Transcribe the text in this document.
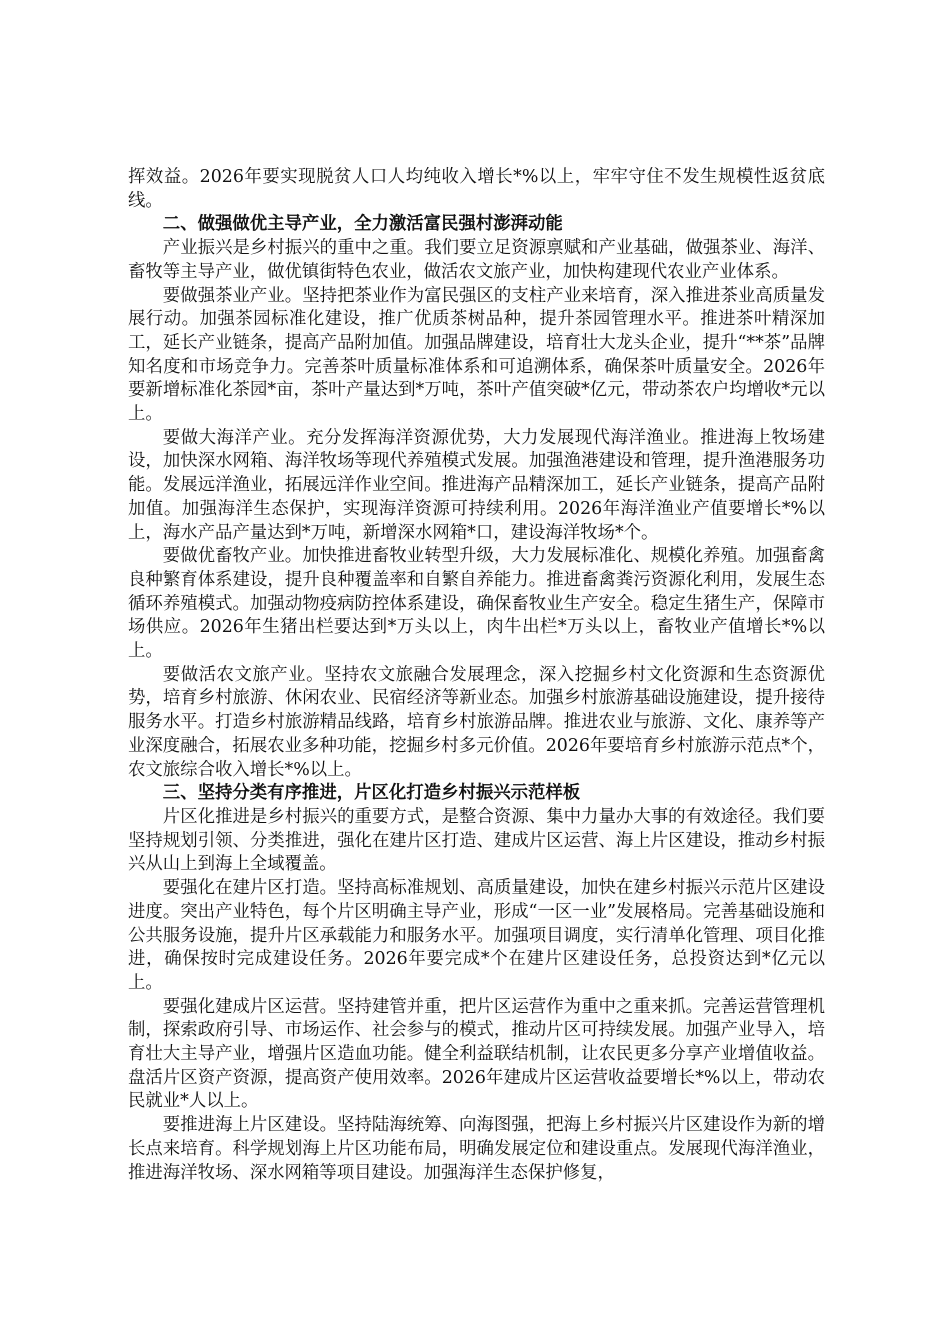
挥效益。2026年要实现脱贫人口人均纯收入增长*%以上，牢牢守住不发生规模性返贫底线。

二、做强做优主导产业，全力激活富民强村澎湃动能

产业振兴是乡村振兴的重中之重。我们要立足资源禀赋和产业基础，做强茶业、海洋、畜牧等主导产业，做优镇街特色农业，做活农文旅产业，加快构建现代农业产业体系。

要做强茶业产业。坚持把茶业作为富民强区的支柱产业来培育，深入推进茶业高质量发展行动。加强茶园标准化建设，推广优质茶树品种，提升茶园管理水平。推进茶叶精深加工，延长产业链条，提高产品附加值。加强品牌建设，培育壮大龙头企业，提升“**茶”品牌知名度和市场竞争力。完善茶叶质量标准体系和可追溯体系，确保茶叶质量安全。2026年要新增标准化茶园*亩，茶叶产量达到*万吨，茶叶产值突破*亿元，带动茶农户均增收*元以上。

要做大海洋产业。充分发挥海洋资源优势，大力发展现代海洋渔业。推进海上牧场建设，加快深水网箱、海洋牧场等现代养殖模式发展。加强渔港建设和管理，提升渔港服务功能。发展远洋渔业，拓展远洋作业空间。推进海产品精深加工，延长产业链条，提高产品附加值。加强海洋生态保护，实现海洋资源可持续利用。2026年海洋渔业产值要增长*%以上，海水产品产量达到*万吨，新增深水网箱*口，建设海洋牧场*个。

要做优畜牧产业。加快推进畜牧业转型升级，大力发展标准化、规模化养殖。加强畜禽良种繁育体系建设，提升良种覆盖率和自繁自养能力。推进畜禽粪污资源化利用，发展生态循环养殖模式。加强动物疫病防控体系建设，确保畜牧业生产安全。稳定生猪生产，保障市场供应。2026年生猪出栏要达到*万头以上，肉牛出栏*万头以上，畜牧业产值增长*%以上。

要做活农文旅产业。坚持农文旅融合发展理念，深入挖掘乡村文化资源和生态资源优势，培育乡村旅游、休闲农业、民宿经济等新业态。加强乡村旅游基础设施建设，提升接待服务水平。打造乡村旅游精品线路，培育乡村旅游品牌。推进农业与旅游、文化、康养等产业深度融合，拓展农业多种功能，挖掘乡村多元价值。2026年要培育乡村旅游示范点*个，农文旅综合收入增长*%以上。

三、坚持分类有序推进，片区化打造乡村振兴示范样板

片区化推进是乡村振兴的重要方式，是整合资源、集中力量办大事的有效途径。我们要坚持规划引领、分类推进，强化在建片区打造、建成片区运营、海上片区建设，推动乡村振兴从山上到海上全域覆盖。

要强化在建片区打造。坚持高标准规划、高质量建设，加快在建乡村振兴示范片区建设进度。突出产业特色，每个片区明确主导产业，形成“一区一业”发展格局。完善基础设施和公共服务设施，提升片区承载能力和服务水平。加强项目调度，实行清单化管理、项目化推进，确保按时完成建设任务。2026年要完成*个在建片区建设任务，总投资达到*亿元以上。

要强化建成片区运营。坚持建管并重，把片区运营作为重中之重来抓。完善运营管理机制，探索政府引导、市场运作、社会参与的模式，推动片区可持续发展。加强产业导入，培育壮大主导产业，增强片区造血功能。健全利益联结机制，让农民更多分享产业增值收益。盘活片区资产资源，提高资产使用效率。2026年建成片区运营收益要增长*%以上，带动农民就业*人以上。

要推进海上片区建设。坚持陆海统筹、向海图强，把海上乡村振兴片区建设作为新的增长点来培育。科学规划海上片区功能布局，明确发展定位和建设重点。发展现代海洋渔业，推进海洋牧场、深水网箱等项目建设。加强海洋生态保护修复，
